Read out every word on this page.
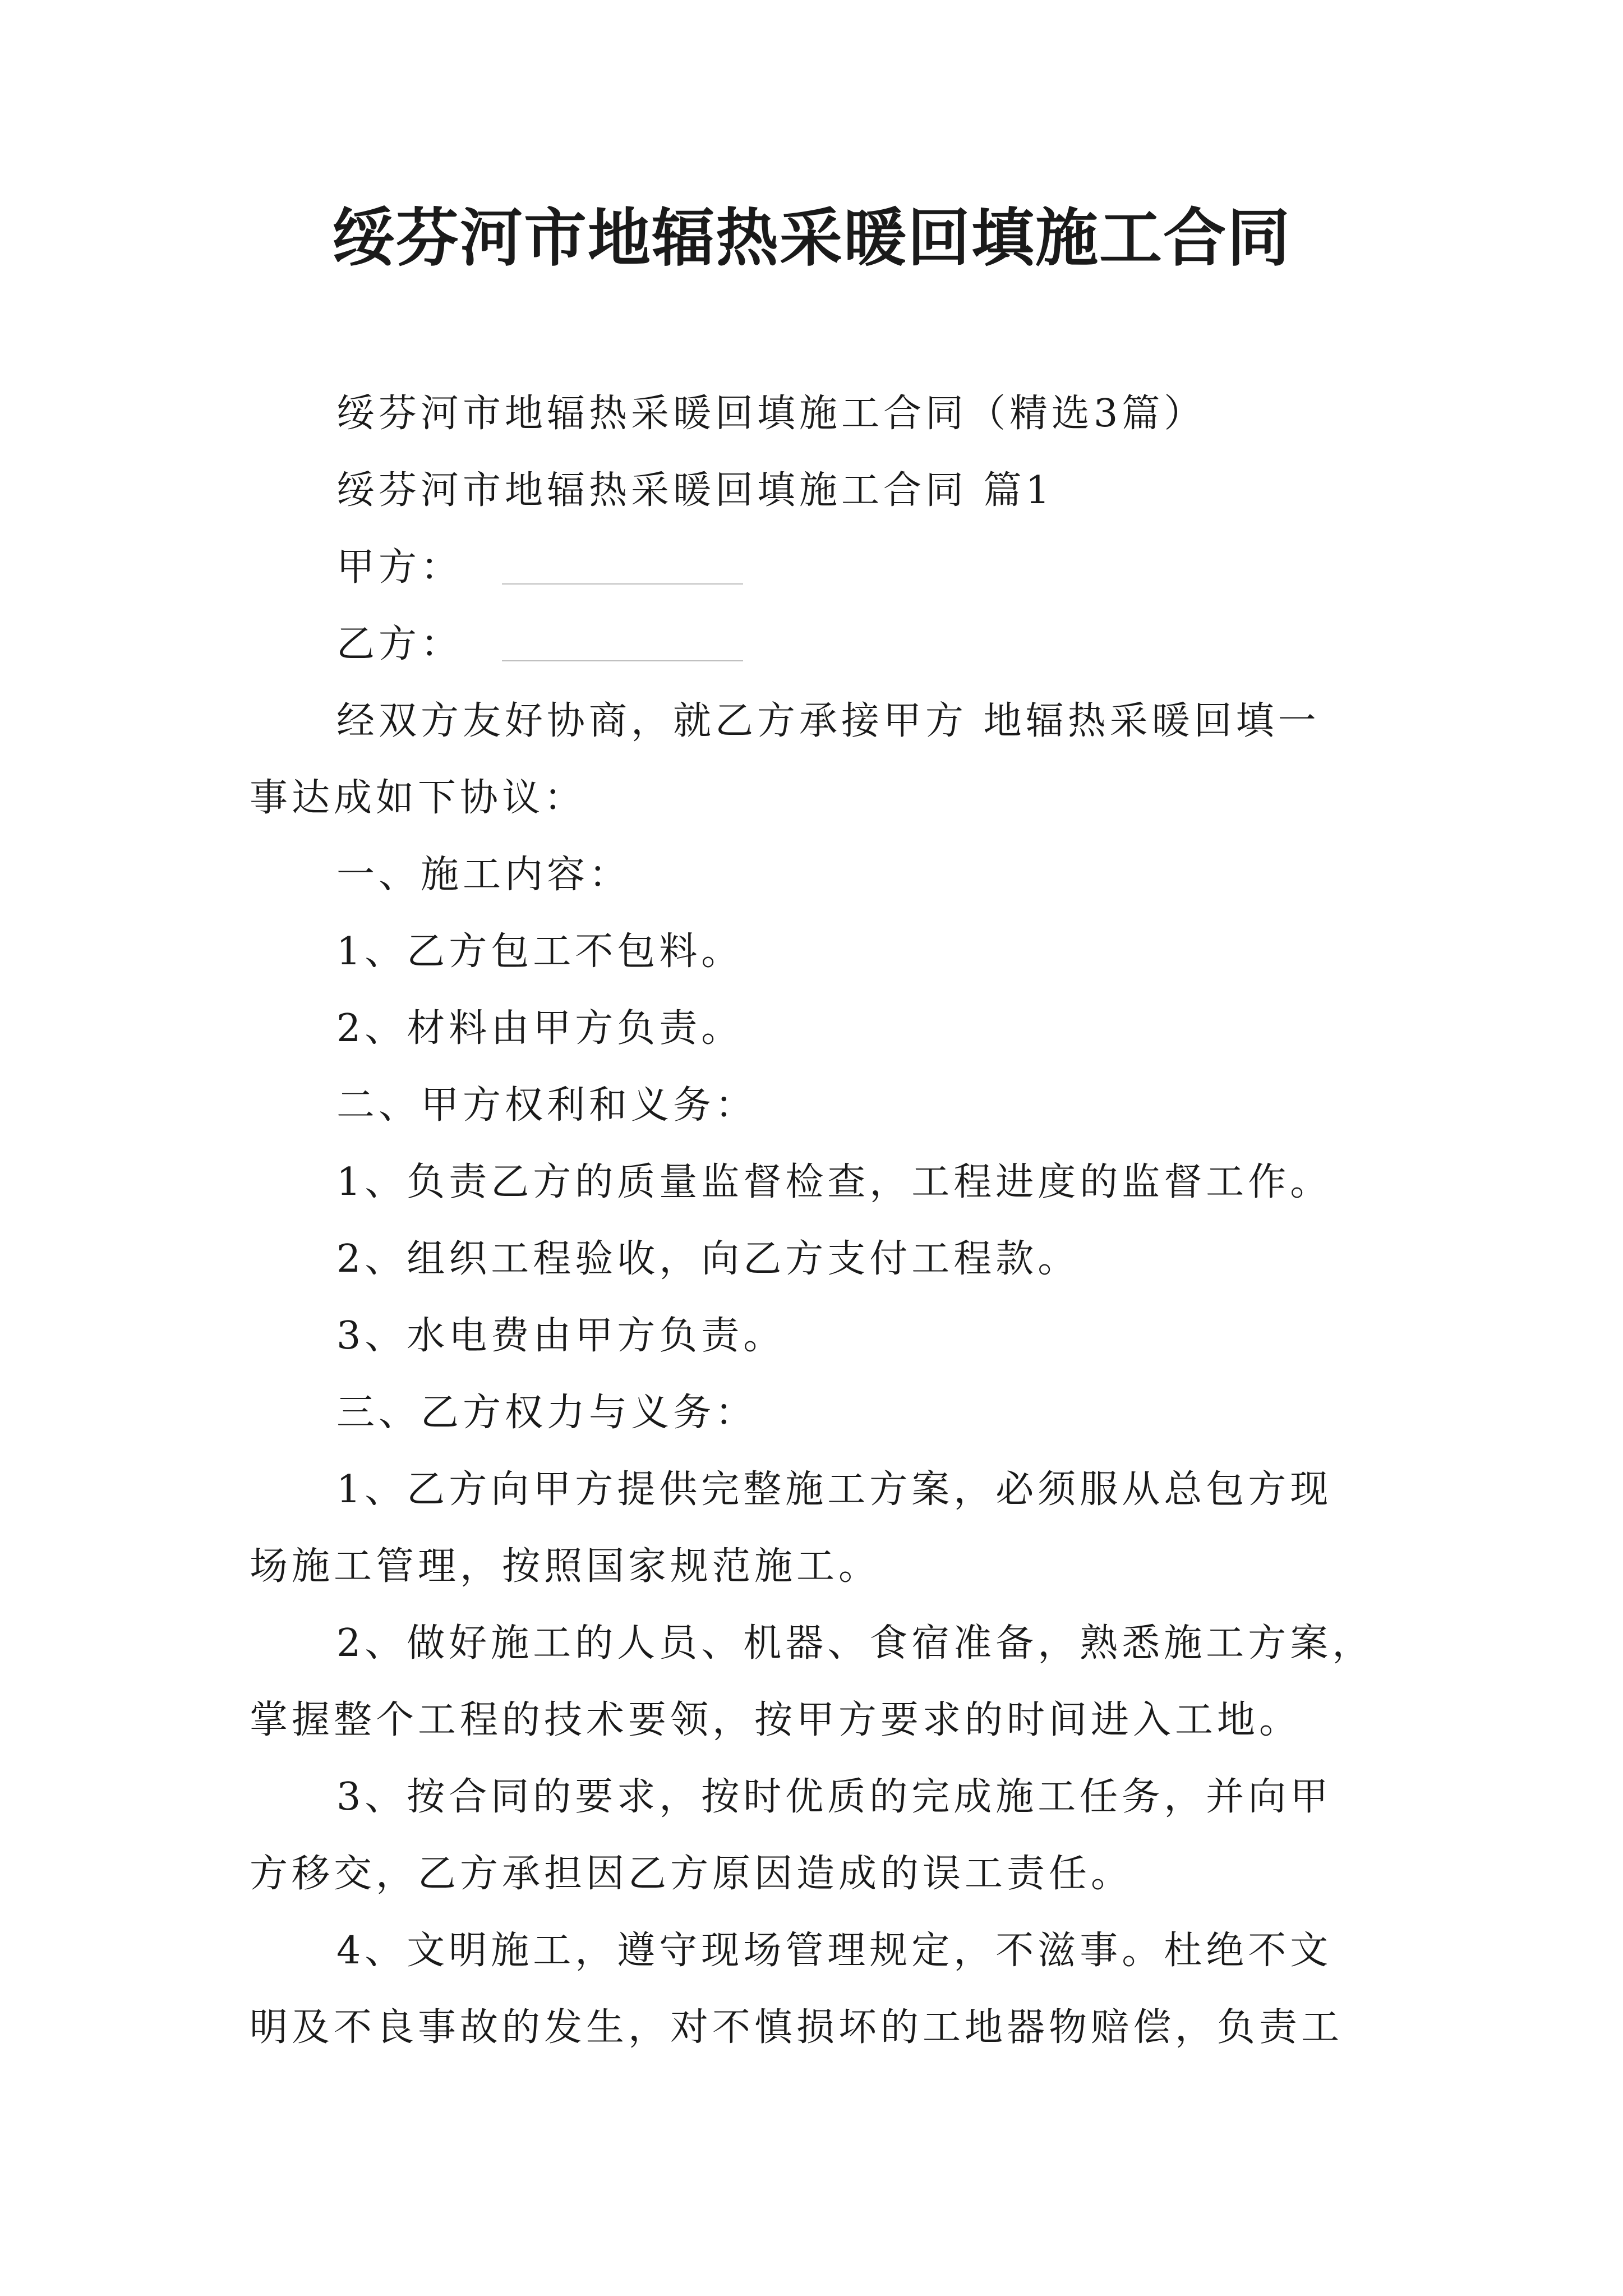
绥芬河市地辐热采暖回填施工合同
绥芬河市地辐热采暖回填施工合同（精选3篇）
绥芬河市地辐热采暖回填施工合同 篇1
甲方：
乙方：
经双方友好协商，就乙方承接甲方 地辐热采暖回填一
事达成如下协议：
一、施工内容：
1、乙方包工不包料。
2、材料由甲方负责。
二、甲方权利和义务：
1、负责乙方的质量监督检查，工程进度的监督工作。
2、组织工程验收，向乙方支付工程款。
3、水电费由甲方负责。
三、乙方权力与义务：
1、乙方向甲方提供完整施工方案，必须服从总包方现
场施工管理，按照国家规范施工。
2、做好施工的人员、机器、食宿准备，熟悉施工方案，
掌握整个工程的技术要领，按甲方要求的时间进入工地。
3、按合同的要求，按时优质的完成施工任务，并向甲
方移交，乙方承担因乙方原因造成的误工责任。
4、文明施工，遵守现场管理规定，不滋事。杜绝不文
明及不良事故的发生，对不慎损坏的工地器物赔偿，负责工
